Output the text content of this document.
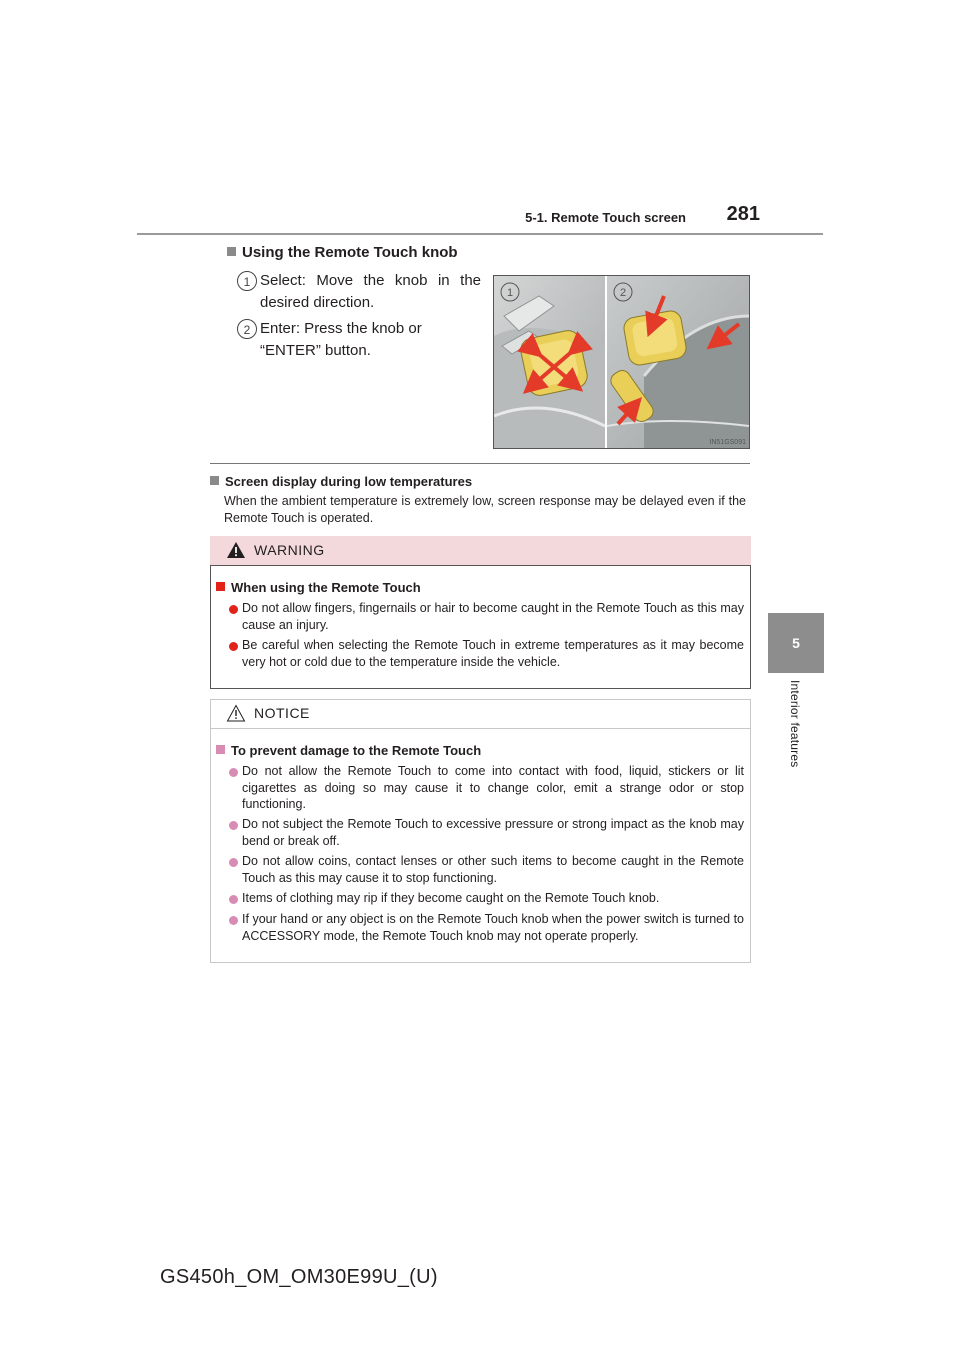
5-1. Remote Touch screen	281
5
Interior features
Using the Remote Touch knob
1 Select: Move the knob in the desired direction.
2 Enter: Press the knob or “ENTER” button.
1	2
IN51GS091
Screen display during low temperatures
When the ambient temperature is extremely low, screen response may be delayed even if the Remote Touch is operated.
WARNING
When using the Remote Touch
Do not allow fingers, fingernails or hair to become caught in the Remote Touch as this may cause an injury.
Be careful when selecting the Remote Touch in extreme temperatures as it may become very hot or cold due to the temperature inside the vehicle.
NOTICE
To prevent damage to the Remote Touch
Do not allow the Remote Touch to come into contact with food, liquid, stickers or lit cigarettes as doing so may cause it to change color, emit a strange odor or stop functioning.
Do not subject the Remote Touch to excessive pressure or strong impact as the knob may bend or break off.
Do not allow coins, contact lenses or other such items to become caught in the Remote Touch as this may cause it to stop functioning.
Items of clothing may rip if they become caught on the Remote Touch knob.
If your hand or any object is on the Remote Touch knob when the power switch is turned to ACCESSORY mode, the Remote Touch knob may not operate properly.
GS450h_OM_OM30E99U_(U)
